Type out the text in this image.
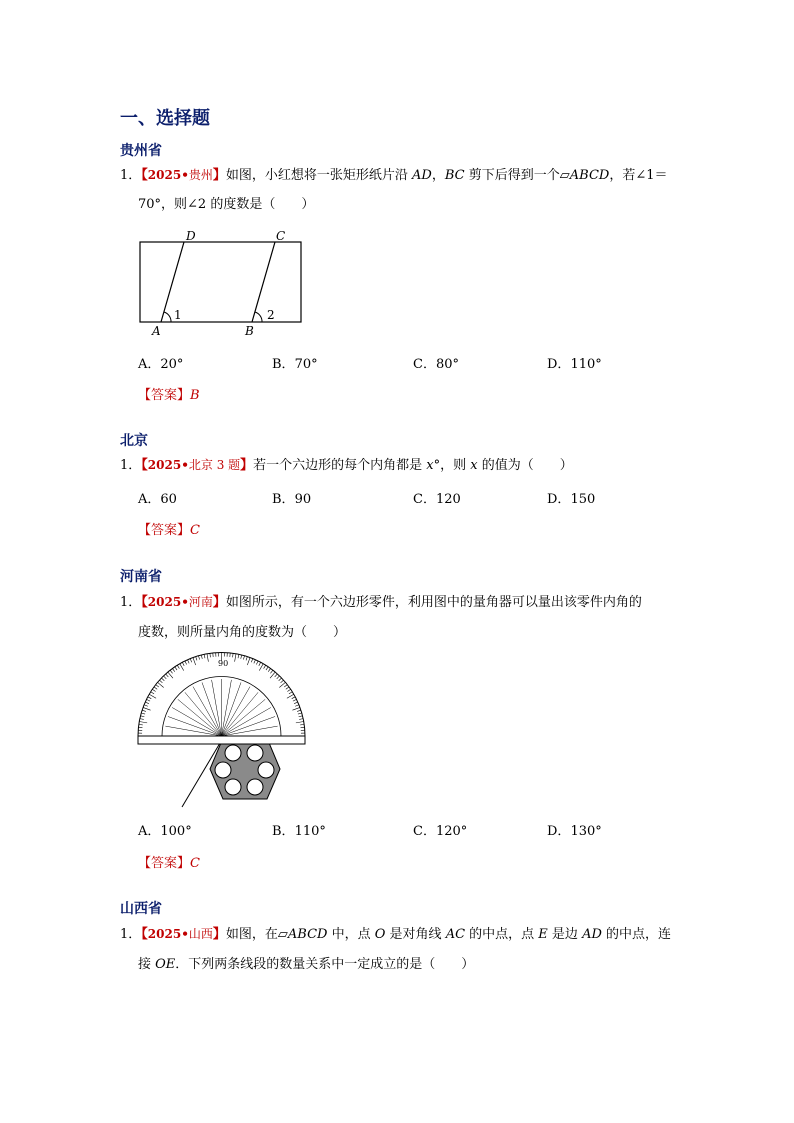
一、选择题
贵州省
1．【2025•贵州】如图，小红想将一张矩形纸片沿 AD，BC 剪下后得到一个▱ABCD，若∠1＝
70°，则∠2 的度数是（　　）
D	C
A	B
1	2
A．20°	B．70°	C．80°	D．110°
【答案】B
北京
1．【2025•北京 3 题】若一个六边形的每个内角都是 x°，则 x 的值为（　　）
A．60	B．90	C．120	D．150
【答案】C
河南省
1．【2025•河南】如图所示，有一个六边形零件，利用图中的量角器可以量出该零件内角的
度数，则所量内角的度数为（　　）
90
A．100°	B．110°	C．120°	D．130°
【答案】C
山西省
1．【2025•山西】如图，在▱ABCD 中，点 O 是对角线 AC 的中点，点 E 是边 AD 的中点，连
接 OE．下列两条线段的数量关系中一定成立的是（　　）
